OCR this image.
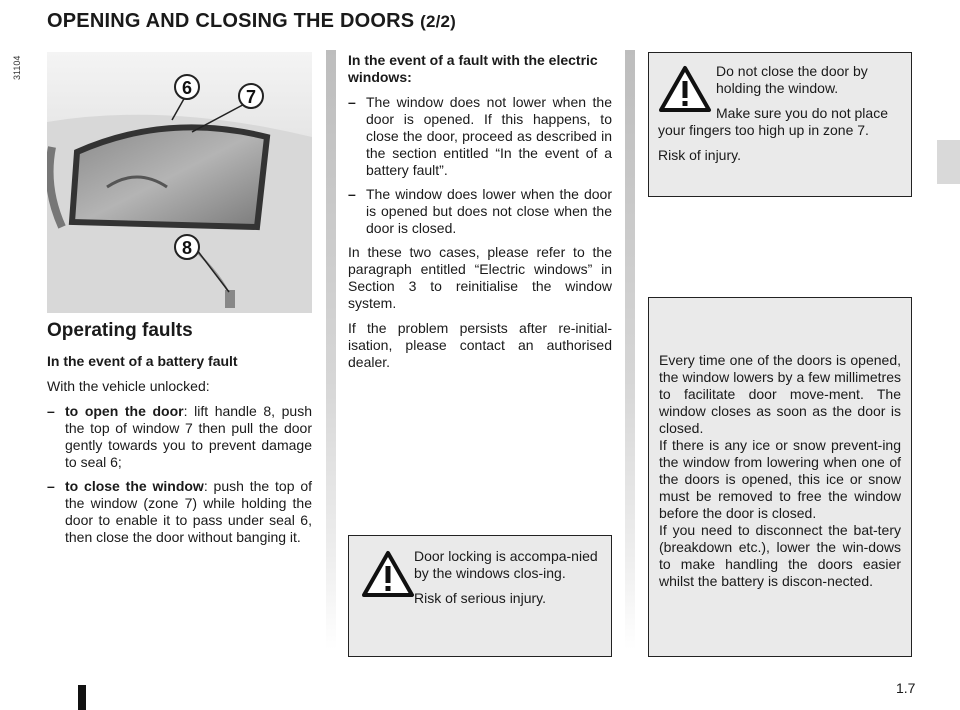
OPENING AND CLOSING THE DOORS (2/2)
31104
6	7
8
Operating faults

In the event of a battery fault

With the vehicle unlocked:

– to open the door: lift handle 8, push the top of window 7 then pull the door gently towards you to prevent damage to seal 6;
– to close the window: push the top of the window (zone 7) while holding the door to enable it to pass under seal 6, then close the door without banging it.

In the event of a fault with the electric windows:

– The window does not lower when the door is opened. If this happens, to close the door, proceed as described in the section entitled “In the event of a battery fault”.
– The window does lower when the door is opened but does not close when the door is closed.

In these two cases, please refer to the paragraph entitled “Electric windows” in Section 3 to reinitialise the window system.

If the problem persists after re-initial-isation, please contact an authorised dealer.

Do not close the door by holding the window.

Make sure you do not place your fingers too high up in zone 7.

Risk of injury.

Door locking is accompa-nied by the windows clos-ing.

Risk of serious injury.

Every time one of the doors is opened, the window lowers by a few millimetres to facilitate door move-ment. The window closes as soon as the door is closed.
If there is any ice or snow prevent-ing the window from lowering when one of the doors is opened, this ice or snow must be removed to free the window before the door is closed.
If you need to disconnect the bat-tery (breakdown etc.), lower the win-dows to make handling the doors easier whilst the battery is discon-nected.
1.7
